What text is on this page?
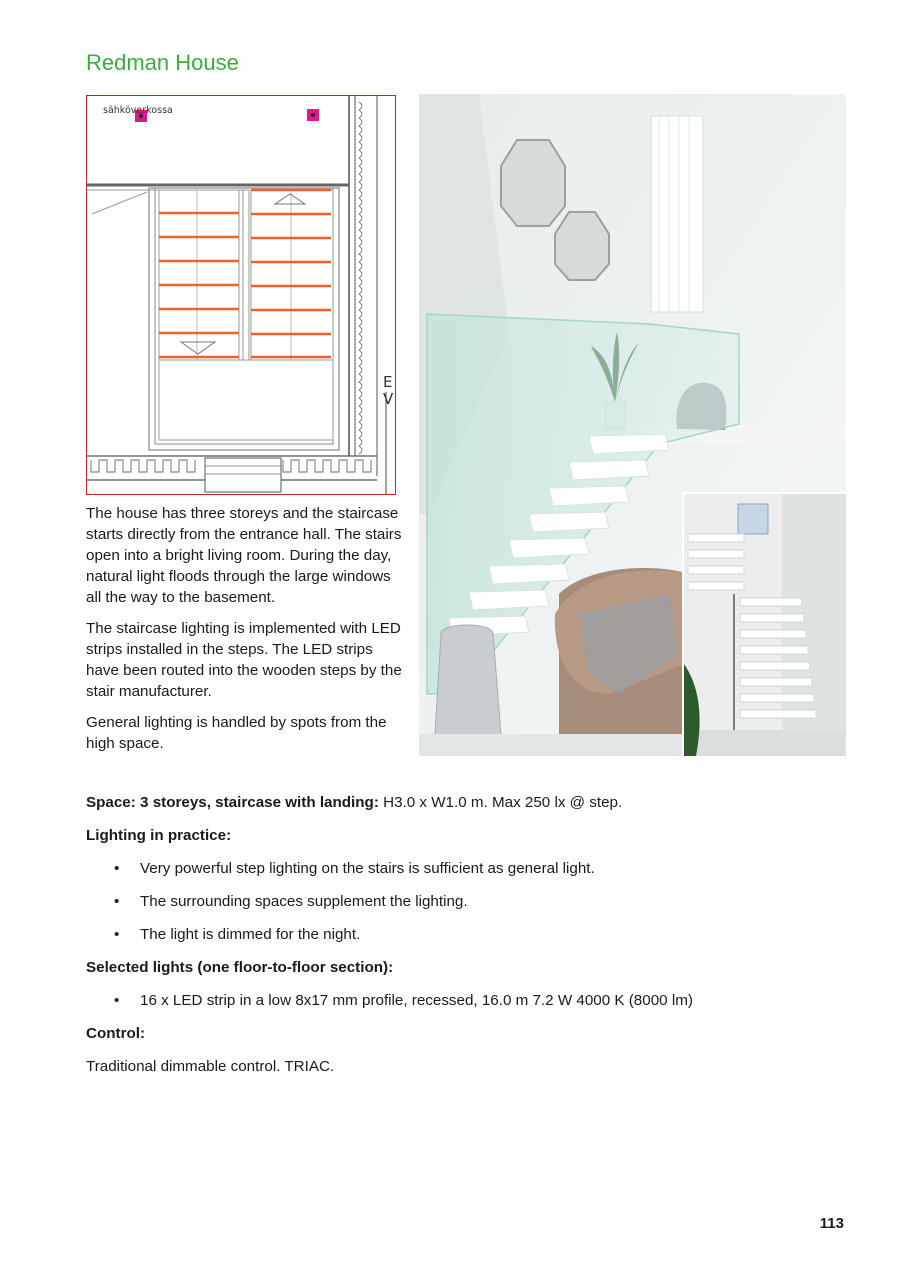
Redman House
sähköverkossa
E
V

The house has three storeys and the staircase starts directly from the entrance hall. The stairs open into a bright living room. During the day, natural light floods through the large windows all the way to the basement.

The staircase lighting is implemented with LED strips installed in the steps. The LED strips have been routed into the wooden steps by the stair manufacturer.

General lighting is handled by spots from the high space.

Space: 3 storeys, staircase with landing: H3.0 x W1.0 m. Max 250 lx @ step.

Lighting in practice:

• Very powerful step lighting on the stairs is sufficient as general light.
• The surrounding spaces supplement the lighting.
• The light is dimmed for the night.

Selected lights (one floor-to-floor section):

• 16 x LED strip in a low 8x17 mm profile, recessed, 16.0 m 7.2 W 4000 K (8000 lm)

Control:

Traditional dimmable control. TRIAC.

113
